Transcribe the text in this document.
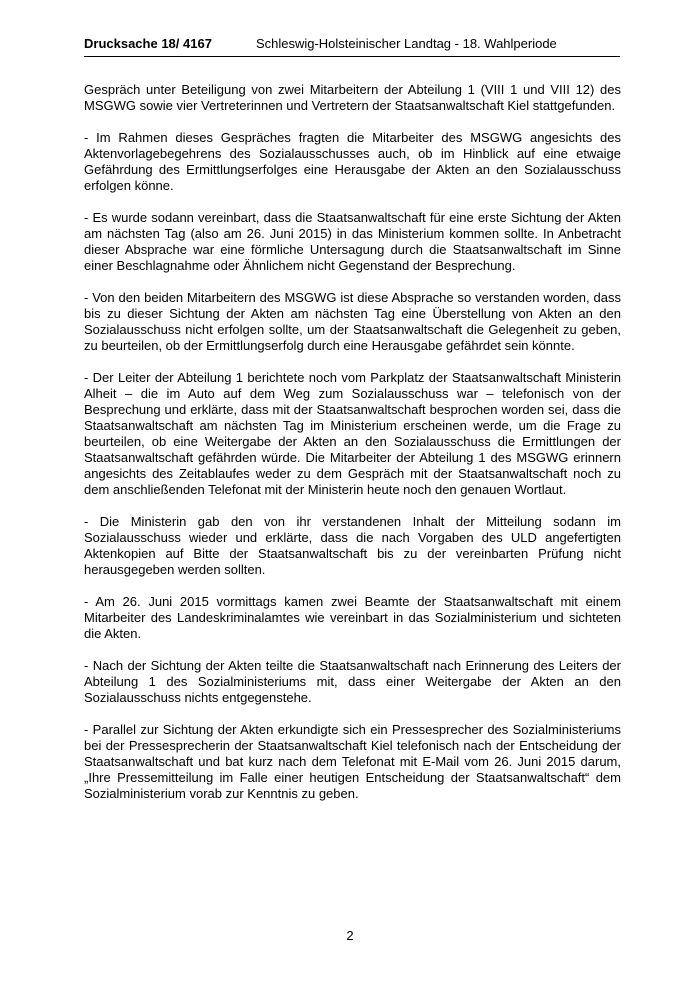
Drucksache 18/ 4167	Schleswig-Holsteinischer Landtag - 18. Wahlperiode

Gespräch unter Beteiligung von zwei Mitarbeitern der Abteilung 1 (VIII 1 und VIII 12) des MSGWG sowie vier Vertreterinnen und Vertretern der Staatsanwaltschaft Kiel stattgefunden.

- Im Rahmen dieses Gespräches fragten die Mitarbeiter des MSGWG angesichts des Aktenvorlagebegehrens des Sozialausschusses auch, ob im Hinblick auf eine etwaige Gefährdung des Ermittlungserfolges eine Herausgabe der Akten an den Sozialausschuss erfolgen könne.

- Es wurde sodann vereinbart, dass die Staatsanwaltschaft für eine erste Sichtung der Akten am nächsten Tag (also am 26. Juni 2015) in das Ministerium kommen sollte. In Anbetracht dieser Absprache war eine förmliche Untersagung durch die Staatsanwaltschaft im Sinne einer Beschlagnahme oder Ähnlichem nicht Gegenstand der Besprechung.

- Von den beiden Mitarbeitern des MSGWG ist diese Absprache so verstanden worden, dass bis zu dieser Sichtung der Akten am nächsten Tag eine Überstellung von Akten an den Sozialausschuss nicht erfolgen sollte, um der Staatsanwaltschaft die Gelegenheit zu geben, zu beurteilen, ob der Ermittlungserfolg durch eine Herausgabe gefährdet sein könnte.

- Der Leiter der Abteilung 1 berichtete noch vom Parkplatz der Staatsanwaltschaft Ministerin Alheit – die im Auto auf dem Weg zum Sozialausschuss war – telefonisch von der Besprechung und erklärte, dass mit der Staatsanwaltschaft besprochen worden sei, dass die Staatsanwaltschaft am nächsten Tag im Ministerium erscheinen werde, um die Frage zu beurteilen, ob eine Weitergabe der Akten an den Sozialausschuss die Ermittlungen der Staatsanwaltschaft gefährden würde. Die Mitarbeiter der Abteilung 1 des MSGWG erinnern angesichts des Zeitablaufes weder zu dem Gespräch mit der Staatsanwaltschaft noch zu dem anschließenden Telefonat mit der Ministerin heute noch den genauen Wortlaut.

- Die Ministerin gab den von ihr verstandenen Inhalt der Mitteilung sodann im Sozialausschuss wieder und erklärte, dass die nach Vorgaben des ULD angefertigten Aktenkopien auf Bitte der Staatsanwaltschaft bis zu der vereinbarten Prüfung nicht herausgegeben werden sollten.

- Am 26. Juni 2015 vormittags kamen zwei Beamte der Staatsanwaltschaft mit einem Mitarbeiter des Landeskriminalamtes wie vereinbart in das Sozialministerium und sichteten die Akten.

- Nach der Sichtung der Akten teilte die Staatsanwaltschaft nach Erinnerung des Leiters der Abteilung 1 des Sozialministeriums mit, dass einer Weitergabe der Akten an den Sozialausschuss nichts entgegenstehe.

- Parallel zur Sichtung der Akten erkundigte sich ein Pressesprecher des Sozialministeriums bei der Pressesprecherin der Staatsanwaltschaft Kiel telefonisch nach der Entscheidung der Staatsanwaltschaft und bat kurz nach dem Telefonat mit E-Mail vom 26. Juni 2015 darum, „Ihre Pressemitteilung im Falle einer heutigen Entscheidung der Staatsanwaltschaft“ dem Sozialministerium vorab zur Kenntnis zu geben.

2
